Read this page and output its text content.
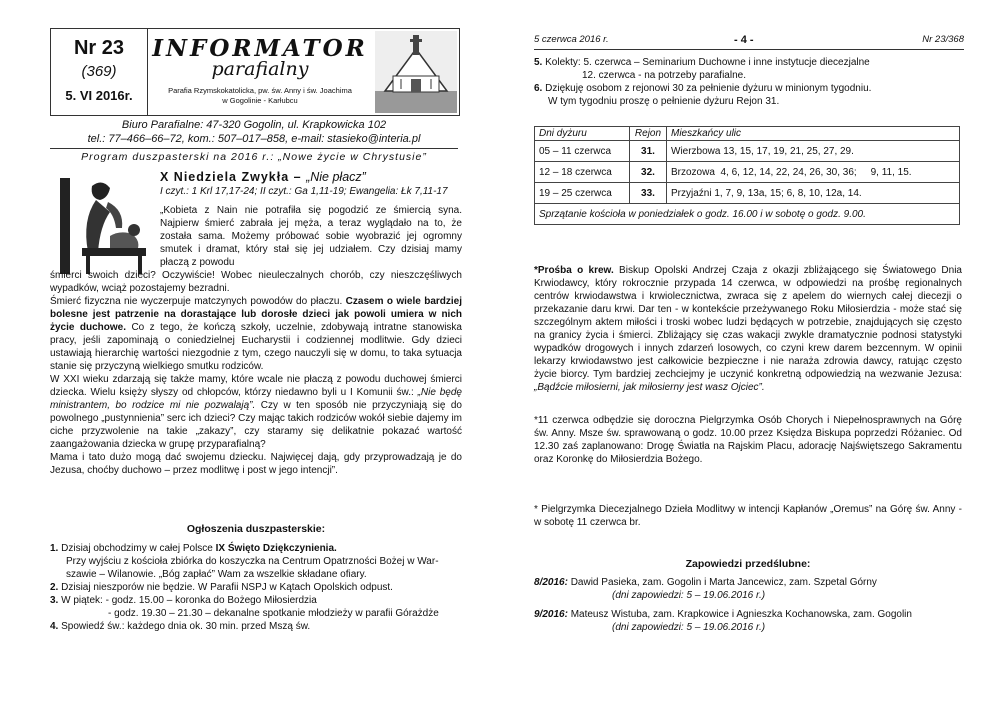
Nr 23
(369)
5. VI 2016r.
INFORMATOR
parafialny
Parafia Rzymskokatolicka, pw. św. Anny i św. Joachima
w Gogolinie - Karłubcu
Biuro Parafialne: 47-320 Gogolin, ul. Krapkowicka 102
tel.: 77–466–66–72, kom.: 507–017–858, e-mail: stasieko@interia.pl
Program duszpasterski na 2016 r.: „Nowe życie w Chrystusie”
X Niedziela Zwykła – „Nie płacz”
I czyt.: 1 Krl 17,17-24; II czyt.: Ga 1,11-19; Ewangelia: Łk 7,11-17
„Kobieta z Nain nie potrafiła się pogodzić ze śmiercią syna. Najpierw śmierć zabrała jej męża, a teraz wyglądało na to, że została sama. Możemy próbować sobie wyobrazić jej ogromny smutek i dramat, który stał się jej udziałem. Czy dzisiaj mamy płaczą z powodu

śmierci swoich dzieci? Oczywiście! Wobec nieuleczalnych chorób, czy nieszczęśliwych wypadków, wciąż pozostajemy bezradni.

Śmierć fizyczna nie wyczerpuje matczynych powodów do płaczu. Czasem o wiele bardziej bolesne jest patrzenie na dorastające lub dorosłe dzieci jak powoli umiera w nich życie duchowe. Co z tego, że kończą szkoły, uczelnie, zdobywają intratne stanowiska pracy, jeśli zapominają o coniedzielnej Eucharystii i codziennej modlitwie. Gdy dzieci ustawiają hierarchię wartości niezgodnie z tym, czego nauczyli się w domu, to taka sytuacja stanie się przyczyną wielkiego smutku rodziców.

W XXI wieku zdarzają się także mamy, które wcale nie płaczą z powodu duchowej śmierci dziecka. Wielu księży słyszy od chłopców, którzy niedawno byli u I Komunii św.: „Nie będę ministrantem, bo rodzice mi nie pozwalają”. Czy w ten sposób nie przyczyniają się do powolnego „pustynnienia” serc ich dzieci? Czy mając takich rodziców wokół siebie dajemy im ciche przyzwolenie na takie „zakazy”, czy staramy się delikatnie pokazać wartość zaangażowania dziecka w grupę przyparafialną?

Mama i tato dużo mogą dać swojemu dziecku. Najwięcej dają, gdy przyprowadzają je do Jezusa, choćby duchowo – przez modlitwę i post w jego intencji”.

Ogłoszenia duszpasterskie:
1. Dzisiaj obchodzimy w całej Polsce IX Święto Dziękczynienia.
Przy wyjściu z kościoła zbiórka do koszyczka na Centrum Opatrzności Bożej w War-
szawie – Wilanowie. „Bóg zapłać” Wam za wszelkie składane ofiary.
2. Dzisiaj nieszporów nie będzie. W Parafii NSPJ w Kątach Opolskich odpust.
3. W piątek: - godz. 15.00 – koronka do Bożego Miłosierdzia
- godz. 19.30 – 21.30 – dekanalne spotkanie młodzieży w parafii Górażdże
4. Spowiedź św.: każdego dnia ok. 30 min. przed Mszą św.
5 czerwca 2016 r.	- 4 -	Nr 23/368
5. Kolekty: 5. czerwca – Seminarium Duchowne i inne instytucje diecezjalne
12. czerwca - na potrzeby parafialne.
6. Dziękuję osobom z rejonowi 30 za pełnienie dyżuru w minionym tygodniu.
W tym tygodniu proszę o pełnienie dyżuru Rejon 31.
Dni dyżuru	Rejon	Mieszkańcy ulic
05 – 11 czerwca	31.	Wierzbowa 13, 15, 17, 19, 21, 25, 27, 29.
12 – 18 czerwca	32.	Brzozowa  4, 6, 12, 14, 22, 24, 26, 30, 36;     9, 11, 15.
19 – 25 czerwca	33.	Przyjaźni 1, 7, 9, 13a, 15; 6, 8, 10, 12a, 14.
Sprzątanie kościoła w poniedziałek o godz. 16.00 i w sobotę o godz. 9.00.		
*Prośba o krew. Biskup Opolski Andrzej Czaja z okazji zbliżającego się Światowego Dnia Krwiodawcy, który rokrocznie przypada 14 czerwca, w odpowiedzi na prośbę regionalnych centrów krwiodawstwa i krwiolecznictwa, zwraca się z apelem do wiernych całej diecezji o przekazanie daru krwi. Dar ten - w kontekście przeżywanego Roku Miłosierdzia - może stać się szczególnym aktem miłości i troski wobec ludzi będących w potrzebie, znajdujących się często na granicy życia i śmierci. Zbliżający się czas wakacji zwykle dramatycznie podnosi statystyki wypadków drogowych i innych zdarzeń losowych, co czyni krew darem bezcennym. W opinii lekarzy krwiodawstwo jest całkowicie bezpieczne i nie naraża zdrowia dawcy, ratując często życie biorcy. Tym bardziej zechciejmy je uczynić konkretną odpowiedzią na wezwanie Jezusa: „Bądźcie miłosierni, jak miłosierny jest wasz Ojciec”.
*11 czerwca odbędzie się doroczna Pielgrzymka Osób Chorych i Niepełnosprawnych na Górę św. Anny. Msze św. sprawowaną o godz. 10.00 przez Księdza Biskupa poprzedzi Różaniec. Od 12.30 zaś zaplanowano: Drogę Światła na Rajskim Placu, adorację Najświętszego Sakramentu oraz Koronkę do Miłosierdzia Bożego.
* Pielgrzymka Diecezjalnego Dzieła Modlitwy w intencji Kapłanów „Oremus” na Górę św. Anny - w sobotę 11 czerwca br.
Zapowiedzi przedślubne:
8/2016: Dawid Pasieka, zam. Gogolin i Marta Jancewicz, zam. Szpetal Górny
(dni zapowiedzi: 5 – 19.06.2016 r.)
9/2016: Mateusz Wistuba, zam. Krapkowice i Agnieszka Kochanowska, zam. Gogolin
(dni zapowiedzi: 5 – 19.06.2016 r.)
